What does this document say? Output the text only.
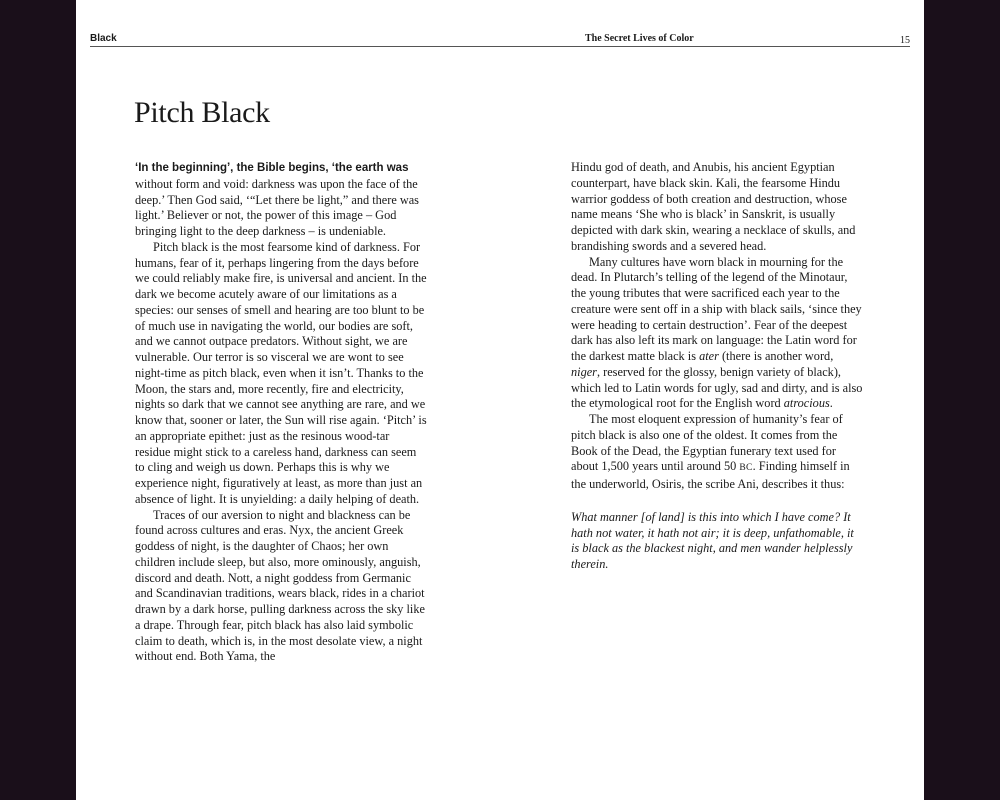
Black	The Secret Lives of Color	15
Pitch Black

‘In the beginning’, the Bible begins, ‘the earth was without form and void: darkness was upon the face of the deep.’ Then God said, ‘“Let there be light,” and there was light.’ Believer or not, the power of this image – God bringing light to the deep darkness – is undeniable.

Pitch black is the most fearsome kind of darkness. For humans, fear of it, perhaps lingering from the days before we could reliably make fire, is universal and ancient. In the dark we become acutely aware of our limitations as a species: our senses of smell and hearing are too blunt to be of much use in navigating the world, our bodies are soft, and we cannot outpace predators. Without sight, we are vulnerable. Our terror is so visceral we are wont to see night-time as pitch black, even when it isn’t. Thanks to the Moon, the stars and, more recently, fire and electricity, nights so dark that we cannot see anything are rare, and we know that, sooner or later, the Sun will rise again. ‘Pitch’ is an appropriate epithet: just as the resinous wood-tar residue might stick to a careless hand, darkness can seem to cling and weigh us down. Perhaps this is why we experience night, figuratively at least, as more than just an absence of light. It is unyielding: a daily helping of death.

Traces of our aversion to night and blackness can be found across cultures and eras. Nyx, the ancient Greek goddess of night, is the daughter of Chaos; her own children include sleep, but also, more ominously, anguish, discord and death. Nott, a night goddess from Germanic and Scandinavian traditions, wears black, rides in a chariot drawn by a dark horse, pulling darkness across the sky like a drape. Through fear, pitch black has also laid symbolic claim to death, which is, in the most desolate view, a night without end. Both Yama, the

Hindu god of death, and Anubis, his ancient Egyptian counterpart, have black skin. Kali, the fearsome Hindu warrior goddess of both creation and destruction, whose name means ‘She who is black’ in Sanskrit, is usually depicted with dark skin, wearing a necklace of skulls, and brandishing swords and a severed head.

Many cultures have worn black in mourning for the dead. In Plutarch’s telling of the legend of the Minotaur, the young tributes that were sacrificed each year to the creature were sent off in a ship with black sails, ‘since they were heading to certain destruction’. Fear of the deepest dark has also left its mark on language: the Latin word for the darkest matte black is ater (there is another word, niger, reserved for the glossy, benign variety of black), which led to Latin words for ugly, sad and dirty, and is also the etymological root for the English word atrocious.

The most eloquent expression of humanity’s fear of pitch black is also one of the oldest. It comes from the Book of the Dead, the Egyptian funerary text used for about 1,500 years until around 50 BC. Finding himself in the underworld, Osiris, the scribe Ani, describes it thus:

What manner [of land] is this into which I have come? It hath not water, it hath not air; it is deep, unfathomable, it is black as the blackest night, and men wander helplessly therein.
